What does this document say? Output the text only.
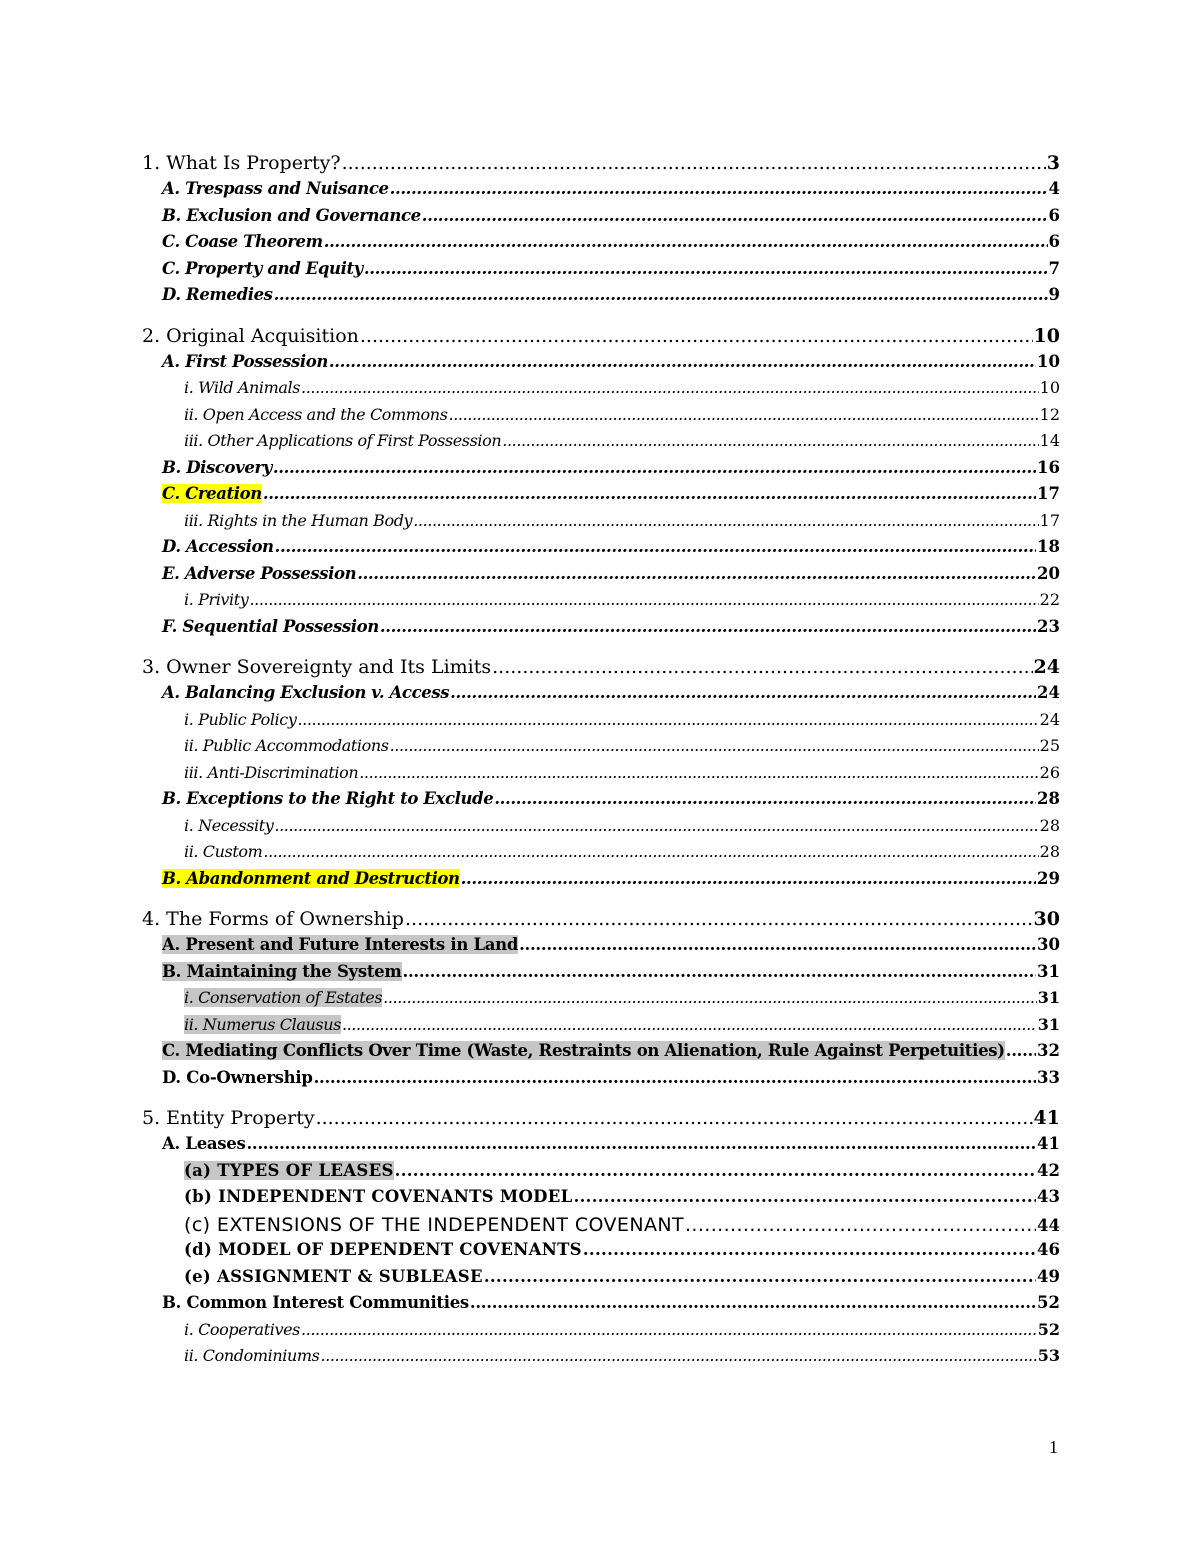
1. What Is Property? .....	3
A. Trespass and Nuisance .....	4
B. Exclusion and Governance .....	6
C. Coase Theorem .....	6
C. Property and Equity .....	7
D. Remedies .....	9
2. Original Acquisition .....	10
A. First Possession .....	10
i. Wild Animals .....	10
ii. Open Access and the Commons .....	12
iii. Other Applications of First Possession .....	14
B. Discovery .....	16
C. Creation .....	17
iii. Rights in the Human Body .....	17
D. Accession .....	18
E. Adverse Possession .....	20
i. Privity .....	22
F. Sequential Possession .....	23
3. Owner Sovereignty and Its Limits .....	24
A. Balancing Exclusion v. Access .....	24
i. Public Policy .....	24
ii. Public Accommodations .....	25
iii. Anti-Discrimination .....	26
B. Exceptions to the Right to Exclude .....	28
i. Necessity .....	28
ii. Custom .....	28
B. Abandonment and Destruction .....	29
4. The Forms of Ownership .....	30
A. Present and Future Interests in Land .....	30
B. Maintaining the System .....	31
i. Conservation of Estates .....	31
ii. Numerus Clausus .....	31
C. Mediating Conflicts Over Time (Waste, Restraints on Alienation, Rule Against Perpetuities) ..... 32
D. Co-Ownership .....	33
5. Entity Property .....	41
A. Leases .....	41
(a) TYPES OF LEASES .....	42
(b) INDEPENDENT COVENANTS MODEL .....	43
(c) EXTENSIONS OF THE INDEPENDENT COVENANT .....	44
(d) MODEL OF DEPENDENT COVENANTS .....	46
(e) ASSIGNMENT & SUBLEASE .....	49
B. Common Interest Communities .....	52
i. Cooperatives .....	52
ii. Condominiums .....	53
1
